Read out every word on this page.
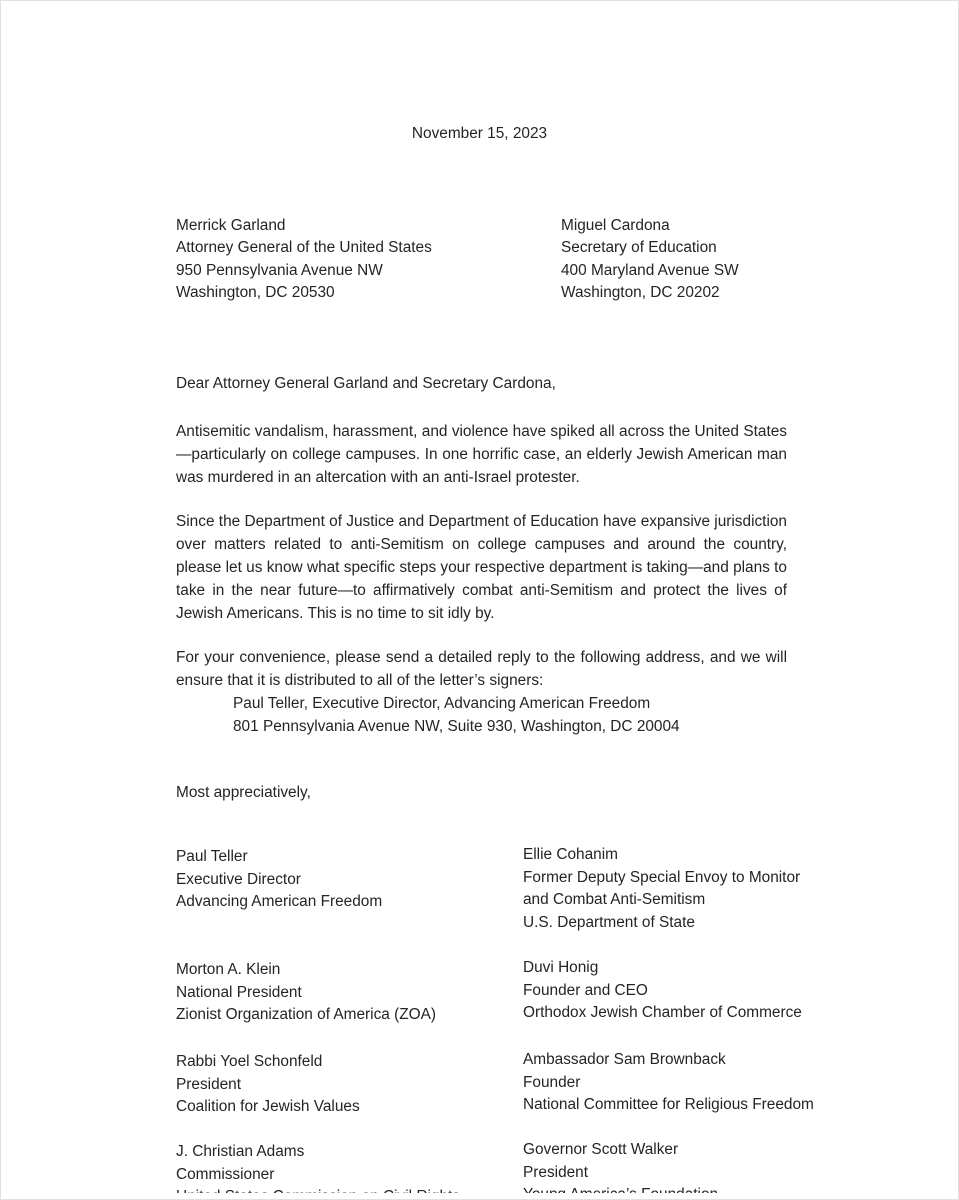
November 15, 2023
Merrick Garland
Attorney General of the United States
950 Pennsylvania Avenue NW
Washington, DC 20530
Miguel Cardona
Secretary of Education
400 Maryland Avenue SW
Washington, DC 20202
Dear Attorney General Garland and Secretary Cardona,
Antisemitic vandalism, harassment, and violence have spiked all across the United States—particularly on college campuses. In one horrific case, an elderly Jewish American man was murdered in an altercation with an anti-Israel protester.
Since the Department of Justice and Department of Education have expansive jurisdiction over matters related to anti-Semitism on college campuses and around the country, please let us know what specific steps your respective department is taking—and plans to take in the near future—to affirmatively combat anti-Semitism and protect the lives of Jewish Americans. This is no time to sit idly by.
For your convenience, please send a detailed reply to the following address, and we will ensure that it is distributed to all of the letter’s signers:
Paul Teller, Executive Director, Advancing American Freedom
801 Pennsylvania Avenue NW, Suite 930, Washington, DC 20004
Most appreciatively,
Paul Teller
Executive Director
Advancing American Freedom
Morton A. Klein
National President
Zionist Organization of America (ZOA)
Rabbi Yoel Schonfeld
President
Coalition for Jewish Values
J. Christian Adams
Commissioner
Ellie Cohanim
Former Deputy Special Envoy to Monitor
and Combat Anti-Semitism
U.S. Department of State
Duvi Honig
Founder and CEO
Orthodox Jewish Chamber of Commerce
Ambassador Sam Brownback
Founder
National Committee for Religious Freedom
Governor Scott Walker
President
